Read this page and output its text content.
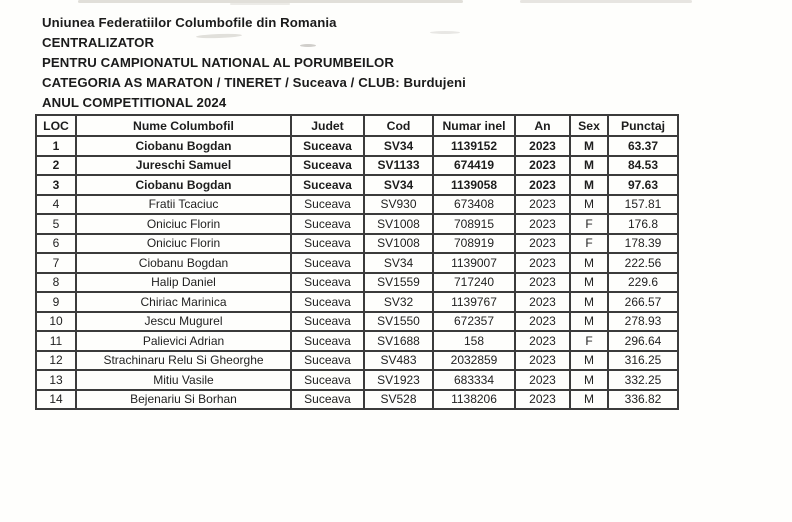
Uniunea Federatiilor Columbofile din Romania
CENTRALIZATOR
PENTRU CAMPIONATUL NATIONAL AL PORUMBEILOR
CATEGORIA AS MARATON / TINERET / Suceava / CLUB: Burdujeni
ANUL COMPETITIONAL 2024
LOC	Nume Columbofil	Judet	Cod	Numar inel	An	Sex	Punctaj
1	Ciobanu Bogdan	Suceava	SV34	1139152	2023	M	63.37
2	Jureschi Samuel	Suceava	SV1133	674419	2023	M	84.53
3	Ciobanu Bogdan	Suceava	SV34	1139058	2023	M	97.63
4	Fratii Tcaciuc	Suceava	SV930	673408	2023	M	157.81
5	Oniciuc Florin	Suceava	SV1008	708915	2023	F	176.8
6	Oniciuc Florin	Suceava	SV1008	708919	2023	F	178.39
7	Ciobanu Bogdan	Suceava	SV34	1139007	2023	M	222.56
8	Halip Daniel	Suceava	SV1559	717240	2023	M	229.6
9	Chiriac Marinica	Suceava	SV32	1139767	2023	M	266.57
10	Jescu Mugurel	Suceava	SV1550	672357	2023	M	278.93
11	Palievici Adrian	Suceava	SV1688	158	2023	F	296.64
12	Strachinaru Relu Si Gheorghe	Suceava	SV483	2032859	2023	M	316.25
13	Mitiu Vasile	Suceava	SV1923	683334	2023	M	332.25
14	Bejenariu Si Borhan	Suceava	SV528	1138206	2023	M	336.82
